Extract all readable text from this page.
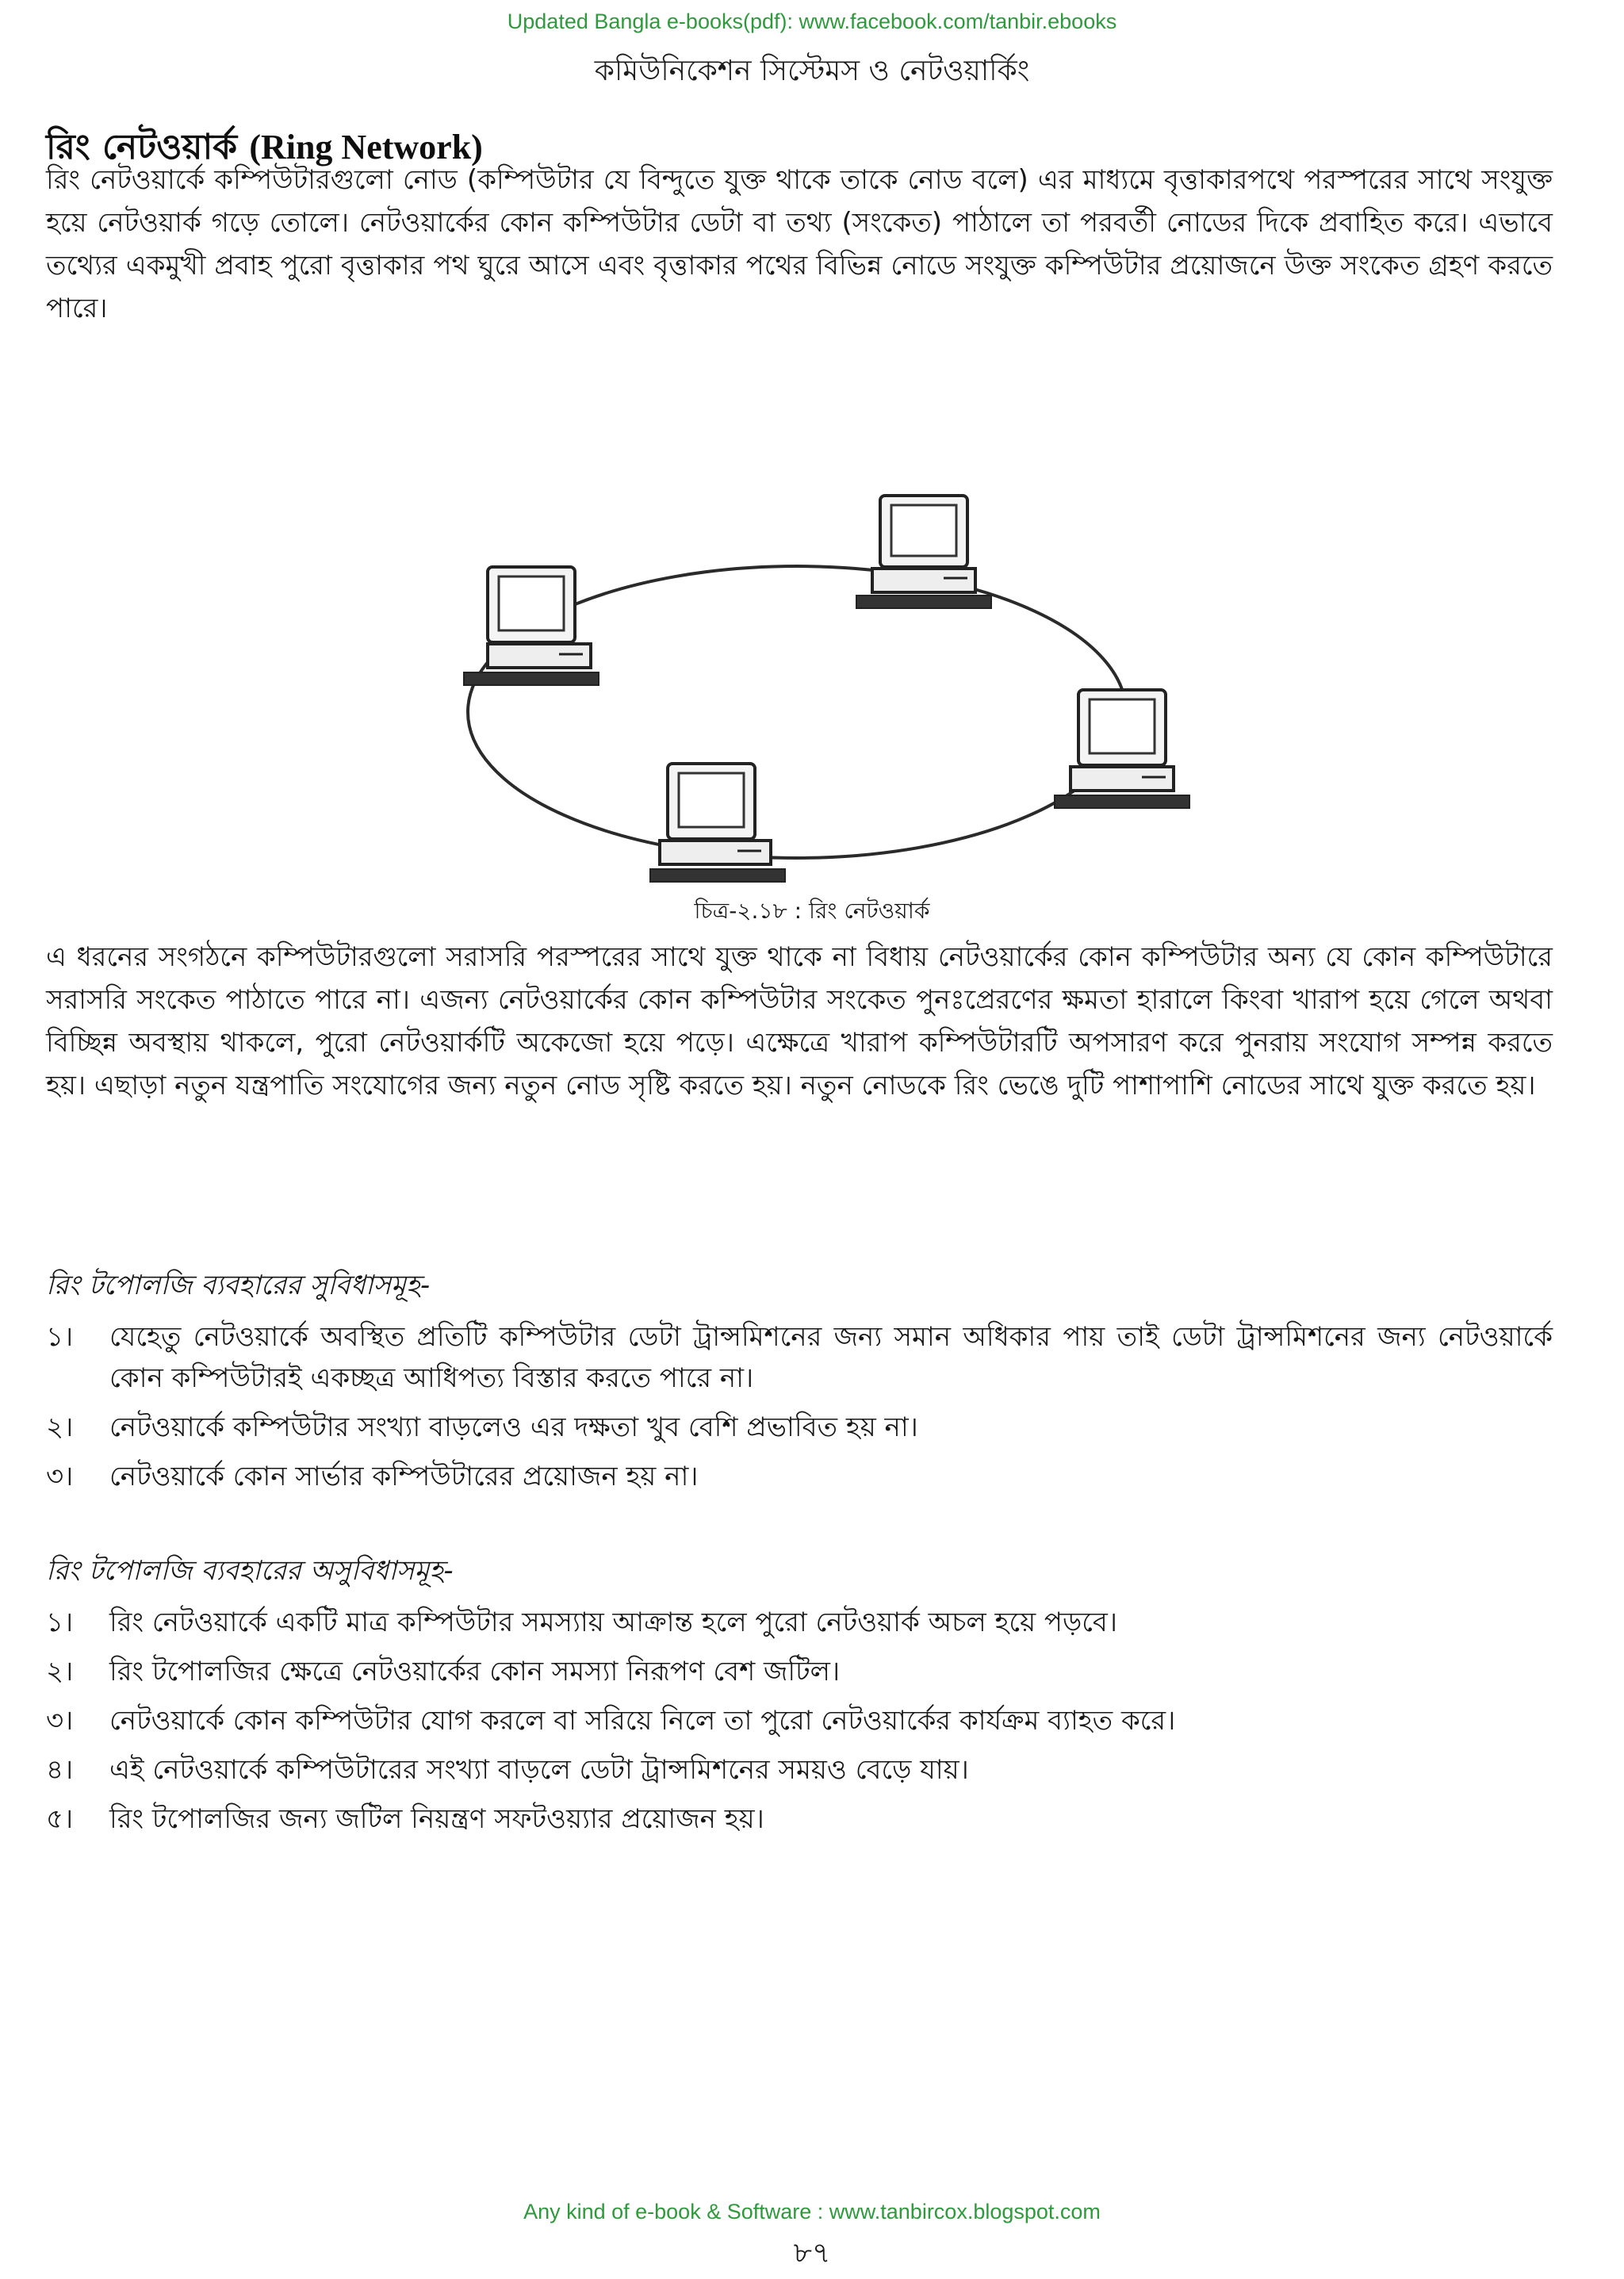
Updated Bangla e-books(pdf): www.facebook.com/tanbir.ebooks
কমিউনিকেশন সিস্টেমস ও নেটওয়ার্কিং
রিং নেটওয়ার্ক (Ring Network)

রিং নেটওয়ার্কে কম্পিউটারগুলো নোড (কম্পিউটার যে বিন্দুতে যুক্ত থাকে তাকে নোড বলে) এর মাধ্যমে বৃত্তাকারপথে পরস্পরের সাথে সংযুক্ত হয়ে নেটওয়ার্ক গড়ে তোলে। নেটওয়ার্কের কোন কম্পিউটার ডেটা বা তথ্য (সংকেত) পাঠালে তা পরবর্তী নোডের দিকে প্রবাহিত করে। এভাবে তথ্যের একমুখী প্রবাহ পুরো বৃত্তাকার পথ ঘুরে আসে এবং বৃত্তাকার পথের বিভিন্ন নোডে সংযুক্ত কম্পিউটার প্রয়োজনে উক্ত সংকেত গ্রহণ করতে পারে।

চিত্র-২.১৮ : রিং নেটওয়ার্ক

এ ধরনের সংগঠনে কম্পিউটারগুলো সরাসরি পরস্পরের সাথে যুক্ত থাকে না বিধায় নেটওয়ার্কের কোন কম্পিউটার অন্য যে কোন কম্পিউটারে সরাসরি সংকেত পাঠাতে পারে না। এজন্য নেটওয়ার্কের কোন কম্পিউটার সংকেত পুনঃপ্রেরণের ক্ষমতা হারালে কিংবা খারাপ হয়ে গেলে অথবা বিচ্ছিন্ন অবস্থায় থাকলে, পুরো নেটওয়ার্কটি অকেজো হয়ে পড়ে। এক্ষেত্রে খারাপ কম্পিউটারটি অপসারণ করে পুনরায় সংযোগ সম্পন্ন করতে হয়। এছাড়া নতুন যন্ত্রপাতি সংযোগের জন্য নতুন নোড সৃষ্টি করতে হয়। নতুন নোডকে রিং ভেঙে দুটি পাশাপাশি নোডের সাথে যুক্ত করতে হয়।

রিং টপোলজি ব্যবহারের সুবিধাসমূহ-
১। যেহেতু নেটওয়ার্কে অবস্থিত প্রতিটি কম্পিউটার ডেটা ট্রান্সমিশনের জন্য সমান অধিকার পায় তাই ডেটা ট্রান্সমিশনের জন্য নেটওয়ার্কে কোন কম্পিউটারই একচ্ছত্র আধিপত্য বিস্তার করতে পারে না।
২। নেটওয়ার্কে কম্পিউটার সংখ্যা বাড়লেও এর দক্ষতা খুব বেশি প্রভাবিত হয় না।
৩। নেটওয়ার্কে কোন সার্ভার কম্পিউটারের প্রয়োজন হয় না।
রিং টপোলজি ব্যবহারের অসুবিধাসমূহ-
১। রিং নেটওয়ার্কে একটি মাত্র কম্পিউটার সমস্যায় আক্রান্ত হলে পুরো নেটওয়ার্ক অচল হয়ে পড়বে।
২। রিং টপোলজির ক্ষেত্রে নেটওয়ার্কের কোন সমস্যা নিরূপণ বেশ জটিল।
৩। নেটওয়ার্কে কোন কম্পিউটার যোগ করলে বা সরিয়ে নিলে তা পুরো নেটওয়ার্কের কার্যক্রম ব্যাহত করে।
৪। এই নেটওয়ার্কে কম্পিউটারের সংখ্যা বাড়লে ডেটা ট্রান্সমিশনের সময়ও বেড়ে যায়।
৫। রিং টপোলজির জন্য জটিল নিয়ন্ত্রণ সফটওয়্যার প্রয়োজন হয়।
Any kind of e-book & Software : www.tanbircox.blogspot.com
৮৭
